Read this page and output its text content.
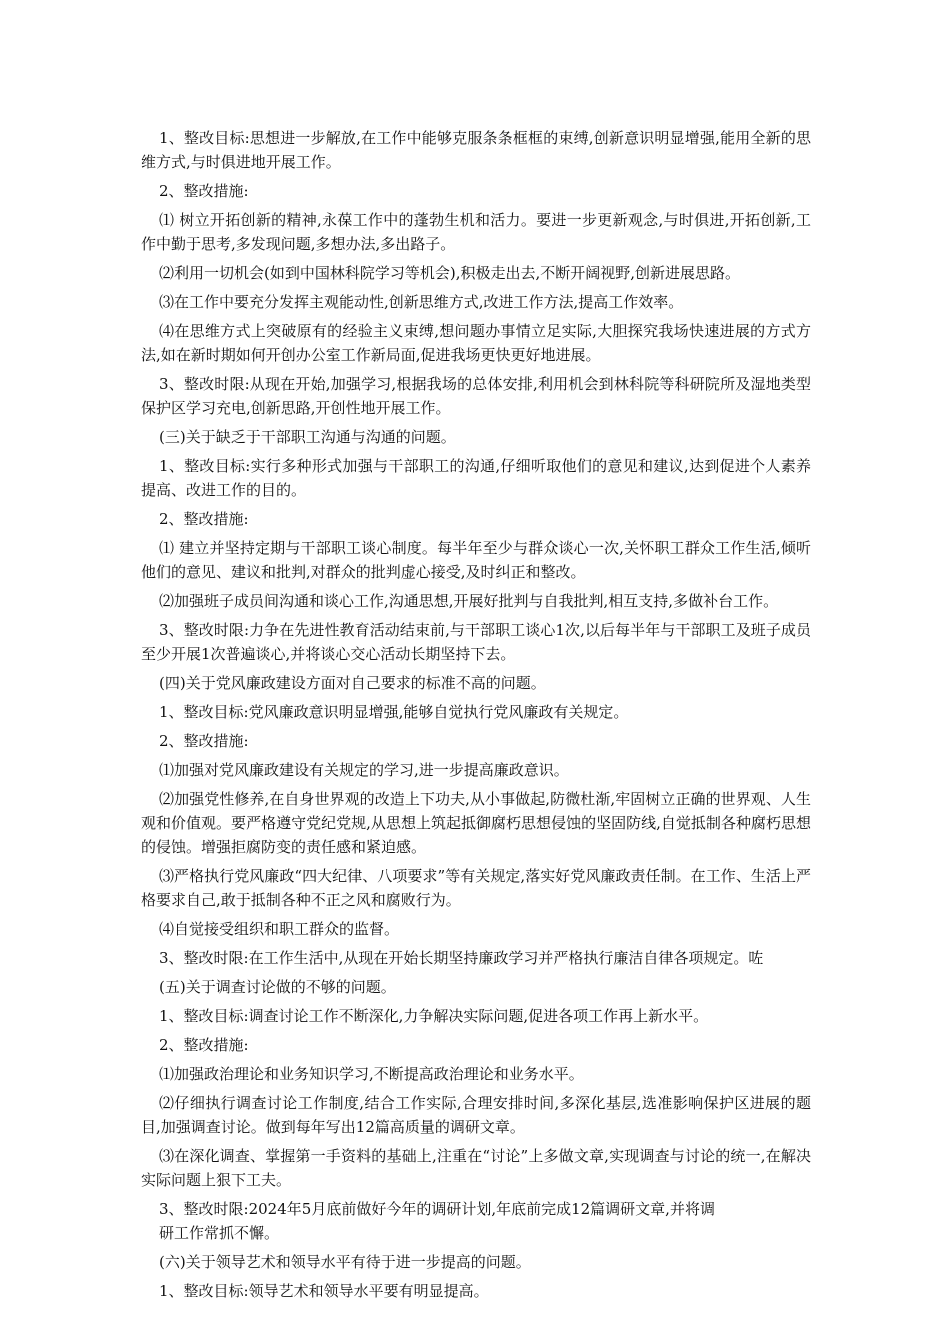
1、整改目标:思想进一步解放,在工作中能够克服条条框框的束缚,创新意识明显增强,能用全新的思维方式,与时俱进地开展工作。

2、整改措施:

⑴ 树立开拓创新的精神,永葆工作中的蓬勃生机和活力。要进一步更新观念,与时俱进,开拓创新,工作中勤于思考,多发现问题,多想办法,多出路子。

⑵利用一切机会(如到中国林科院学习等机会),积极走出去,不断开阔视野,创新进展思路。

⑶在工作中要充分发挥主观能动性,创新思维方式,改进工作方法,提高工作效率。

⑷在思维方式上突破原有的经验主义束缚,想问题办事情立足实际,大胆探究我场快速进展的方式方法,如在新时期如何开创办公室工作新局面,促进我场更快更好地进展。

3、整改时限:从现在开始,加强学习,根据我场的总体安排,利用机会到林科院等科研院所及湿地类型保护区学习充电,创新思路,开创性地开展工作。

(三)关于缺乏于干部职工沟通与沟通的问题。

1、整改目标:实行多种形式加强与干部职工的沟通,仔细听取他们的意见和建议,达到促进个人素养提高、改进工作的目的。

2、整改措施:

⑴ 建立并坚持定期与干部职工谈心制度。每半年至少与群众谈心一次,关怀职工群众工作生活,倾听他们的意见、建议和批判,对群众的批判虚心接受,及时纠正和整改。

⑵加强班子成员间沟通和谈心工作,沟通思想,开展好批判与自我批判,相互支持,多做补台工作。

3、整改时限:力争在先进性教育活动结束前,与干部职工谈心1次,以后每半年与干部职工及班子成员至少开展1次普遍谈心,并将谈心交心活动长期坚持下去。

(四)关于党风廉政建设方面对自己要求的标准不高的问题。

1、整改目标:党风廉政意识明显增强,能够自觉执行党风廉政有关规定。

2、整改措施:

⑴加强对党风廉政建设有关规定的学习,进一步提高廉政意识。

⑵加强党性修养,在自身世界观的改造上下功夫,从小事做起,防微杜渐,牢固树立正确的世界观、人生观和价值观。要严格遵守党纪党规,从思想上筑起抵御腐朽思想侵蚀的坚固防线,自觉抵制各种腐朽思想的侵蚀。增强拒腐防变的责任感和紧迫感。

⑶严格执行党风廉政“四大纪律、八项要求”等有关规定,落实好党风廉政责任制。在工作、生活上严格要求自己,敢于抵制各种不正之风和腐败行为。

⑷自觉接受组织和职工群众的监督。

3、整改时限:在工作生活中,从现在开始长期坚持廉政学习并严格执行廉洁自律各项规定。咗

(五)关于调查讨论做的不够的问题。

1、整改目标:调查讨论工作不断深化,力争解决实际问题,促进各项工作再上新水平。

2、整改措施:

⑴加强政治理论和业务知识学习,不断提高政治理论和业务水平。

⑵仔细执行调查讨论工作制度,结合工作实际,合理安排时间,多深化基层,选准影响保护区进展的题目,加强调查讨论。做到每年写出12篇高质量的调研文章。

⑶在深化调查、掌握第一手资料的基础上,注重在“讨论”上多做文章,实现调查与讨论的统一,在解决实际问题上狠下工夫。

3、整改时限:2024年5月底前做好今年的调研计划,年底前完成12篇调研文章,并将调

研工作常抓不懈。

(六)关于领导艺术和领导水平有待于进一步提高的问题。

1、整改目标:领导艺术和领导水平要有明显提高。
